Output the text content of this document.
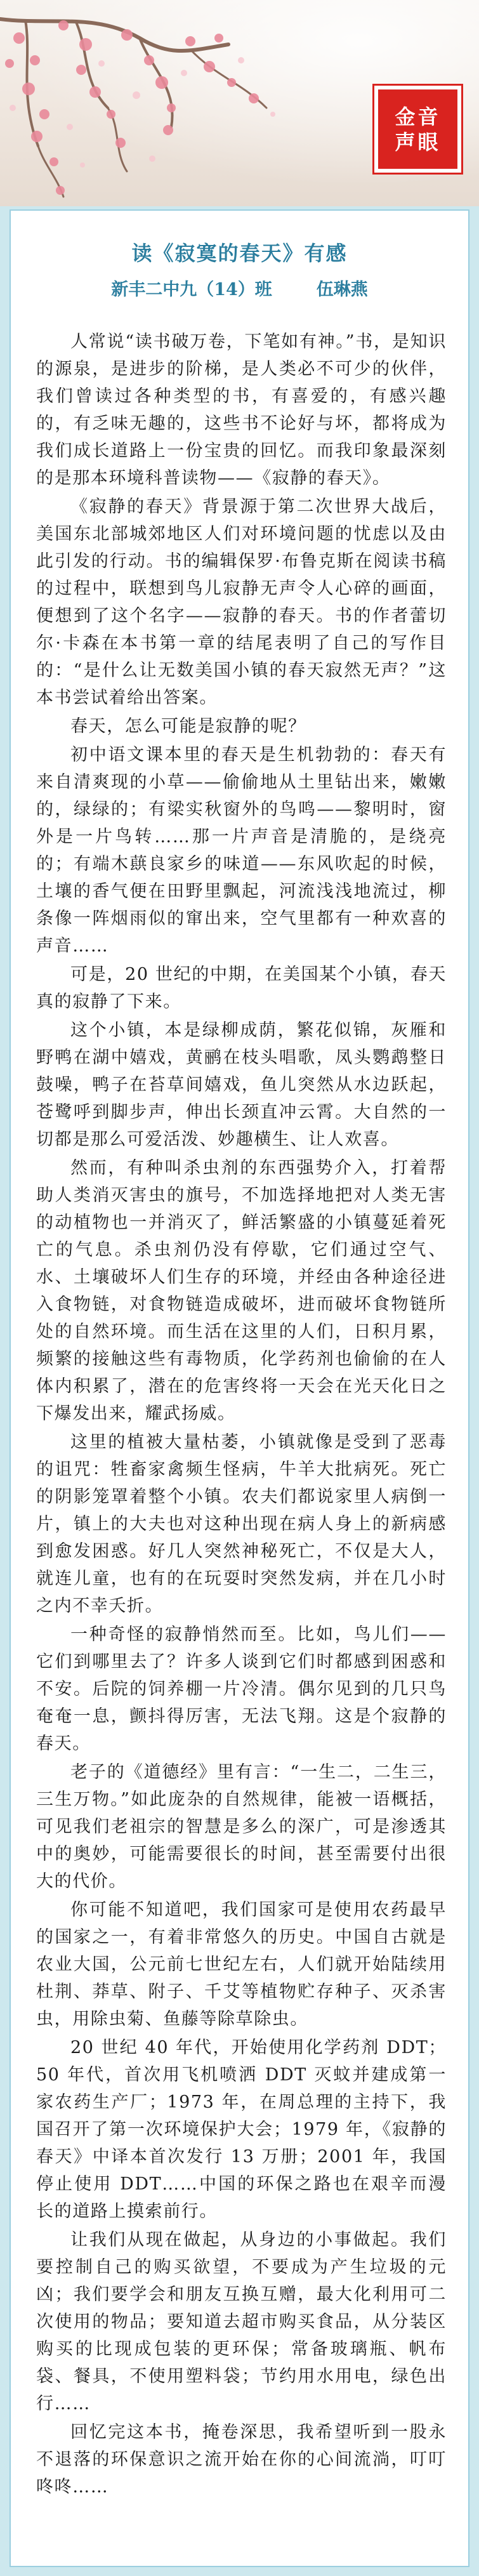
金音
声眼
读《寂寞的春天》有感
新丰二中九（14）班	伍琳燕

人常说“读书破万卷，下笔如有神。”书，是知识的源泉，是进步的阶梯，是人类必不可少的伙伴，我们曾读过各种类型的书，有喜爱的，有感兴趣的，有乏味无趣的，这些书不论好与坏，都将成为我们成长道路上一份宝贵的回忆。而我印象最深刻的是那本环境科普读物——《寂静的春天》。

《寂静的春天》背景源于第二次世界大战后，美国东北部城郊地区人们对环境问题的忧虑以及由此引发的行动。书的编辑保罗·布鲁克斯在阅读书稿的过程中，联想到鸟儿寂静无声令人心碎的画面，便想到了这个名字——寂静的春天。书的作者蕾切尔·卡森在本书第一章的结尾表明了自己的写作目的：“是什么让无数美国小镇的春天寂然无声？”这本书尝试着给出答案。

春天，怎么可能是寂静的呢？

初中语文课本里的春天是生机勃勃的：春天有来自清爽现的小草——偷偷地从土里钻出来，嫩嫩的，绿绿的；有梁实秋窗外的鸟鸣——黎明时，窗外是一片鸟转……那一片声音是清脆的，是绕亮的；有端木蕻良家乡的味道——东风吹起的时候，土壤的香气便在田野里飘起，河流浅浅地流过，柳条像一阵烟雨似的窜出来，空气里都有一种欢喜的声音……

可是，20 世纪的中期，在美国某个小镇，春天真的寂静了下来。

这个小镇，本是绿柳成荫，繁花似锦，灰雁和野鸭在湖中嬉戏，黄鹂在枝头唱歌，凤头鹦鹉整日鼓噪，鸭子在苔草间嬉戏，鱼儿突然从水边跃起，苍鹭呼到脚步声，伸出长颈直冲云霄。大自然的一切都是那么可爱活泼、妙趣横生、让人欢喜。

然而，有种叫杀虫剂的东西强势介入，打着帮助人类消灭害虫的旗号，不加选择地把对人类无害的动植物也一并消灭了，鲜活繁盛的小镇蔓延着死亡的气息。杀虫剂仍没有停歇，它们通过空气、水、土壤破坏人们生存的环境，并经由各种途径进入食物链，对食物链造成破坏，进而破坏食物链所处的自然环境。而生活在这里的人们，日积月累，频繁的接触这些有毒物质，化学药剂也偷偷的在人体内积累了，潜在的危害终将一天会在光天化日之下爆发出来，耀武扬威。

这里的植被大量枯萎，小镇就像是受到了恶毒的诅咒：牲畜家禽频生怪病，牛羊大批病死。死亡的阴影笼罩着整个小镇。农夫们都说家里人病倒一片，镇上的大夫也对这种出现在病人身上的新病感到愈发困惑。好几人突然神秘死亡，不仅是大人，就连儿童，也有的在玩耍时突然发病，并在几小时之内不幸夭折。

一种奇怪的寂静悄然而至。比如，鸟儿们——它们到哪里去了？许多人谈到它们时都感到困惑和不安。后院的饲养棚一片冷清。偶尔见到的几只鸟奄奄一息，颤抖得厉害，无法飞翔。这是个寂静的春天。

老子的《道德经》里有言：“一生二，二生三，三生万物。”如此庞杂的自然规律，能被一语概括，可见我们老祖宗的智慧是多么的深广，可是渗透其中的奥妙，可能需要很长的时间，甚至需要付出很大的代价。

你可能不知道吧，我们国家可是使用农药最早的国家之一，有着非常悠久的历史。中国自古就是农业大国，公元前七世纪左右，人们就开始陆续用杜荆、莽草、附子、千艾等植物贮存种子、灭杀害虫，用除虫菊、鱼藤等除草除虫。

20 世纪 40 年代，开始使用化学药剂 DDT；50 年代，首次用飞机喷洒 DDT 灭蚊并建成第一家农药生产厂；1973 年，在周总理的主持下，我国召开了第一次环境保护大会；1979 年，《寂静的春天》中译本首次发行 13 万册；2001 年，我国停止使用 DDT……中国的环保之路也在艰辛而漫长的道路上摸索前行。

让我们从现在做起，从身边的小事做起。我们要控制自己的购买欲望，不要成为产生垃圾的元凶；我们要学会和朋友互换互赠，最大化利用可二次使用的物品；要知道去超市购买食品，从分装区购买的比现成包装的更环保；常备玻璃瓶、帆布袋、餐具，不使用塑料袋；节约用水用电，绿色出行……

回忆完这本书，掩卷深思，我希望听到一股永不退落的环保意识之流开始在你的心间流淌，叮叮咚咚……
